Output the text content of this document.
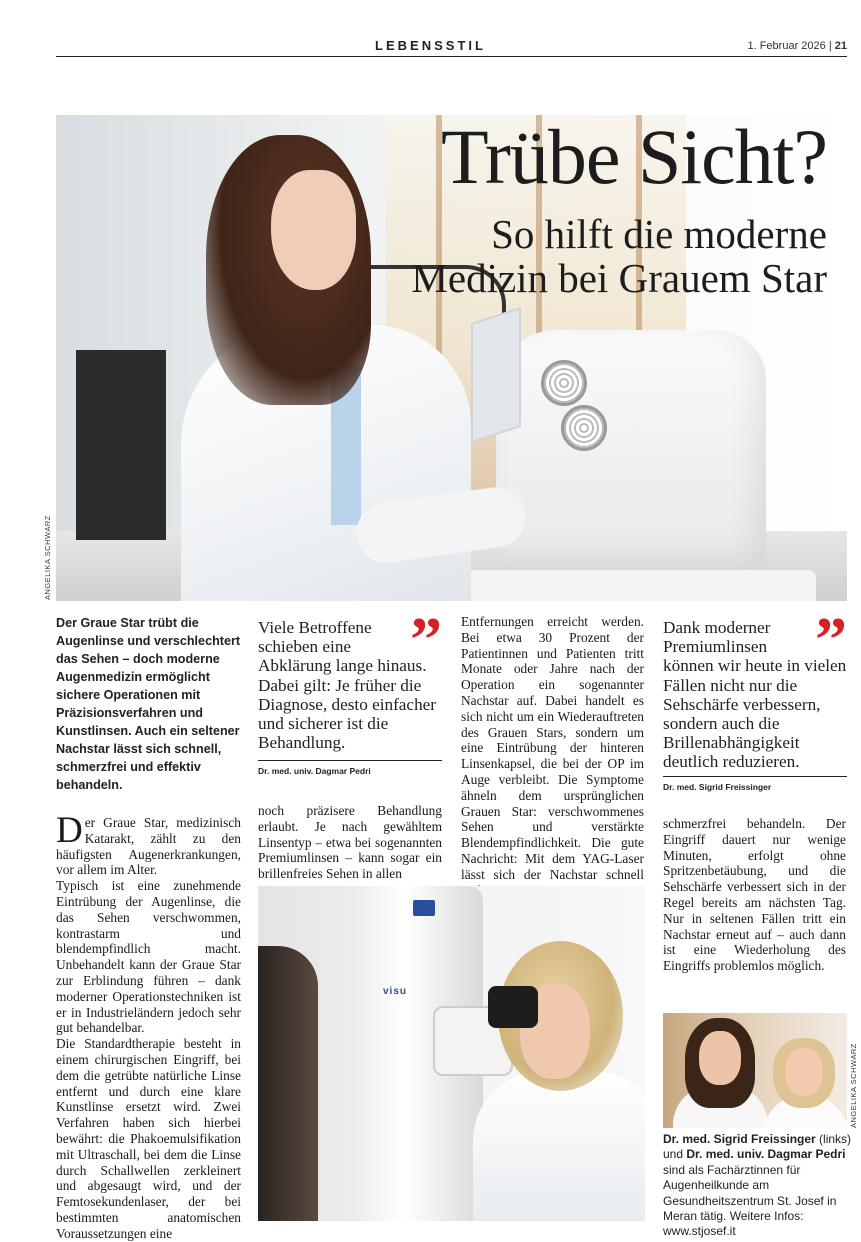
LEBENSSTIL	1. Februar 2026 | 21
ANGELIKA SCHWARZ
Trübe Sicht?
So hilft die moderne
Medizin bei Grauem Star
Der Graue Star trübt die Augenlinse und verschlechtert das Sehen – doch moderne Augenmedizin ermöglicht sichere Operationen mit Präzisionsverfahren und Kunstlinsen. Auch ein seltener Nachstar lässt sich schnell, schmerzfrei und effektiv behandeln.

Der Graue Star, medizinisch Katarakt, zählt zu den häufigsten Augenerkrankungen, vor allem im Alter.

Typisch ist eine zunehmende Eintrübung der Augenlinse, die das Sehen verschwommen, kontrastarm und blendempfindlich macht. Unbehandelt kann der Graue Star zur Erblindung führen – dank moderner Operationstechniken ist er in Industrieländern jedoch sehr gut behandelbar.

Die Standardtherapie besteht in einem chirurgischen Eingriff, bei dem die getrübte natürliche Linse entfernt und durch eine klare Kunstlinse ersetzt wird. Zwei Verfahren haben sich hierbei bewährt: die Phakoemulsifikation mit Ultraschall, bei dem die Linse durch Schallwellen zerkleinert und abgesaugt wird, und der Femtosekundenlaser, der bei bestimmten anatomischen Voraussetzungen eine

”
Viele Betroffene schieben eine Abklärung lange hinaus. Dabei gilt: Je früher die Diagnose, desto einfacher und sicherer ist die Behandlung.
Dr. med. univ. Dagmar Pedri
noch präzisere Behandlung erlaubt. Je nach gewähltem Linsentyp – etwa bei sogenannten Premiumlinsen – kann sogar ein brillenfreies Sehen in allen
Entfernungen erreicht werden. Bei etwa 30 Prozent der Patientinnen und Patienten tritt Monate oder Jahre nach der Operation ein sogenannter Nachstar auf. Dabei handelt es sich nicht um ein Wiederauftreten des Grauen Stars, sondern um eine Eintrübung der hinteren Linsenkapsel, die bei der OP im Auge verbleibt. Die Symptome ähneln dem ursprünglichen Grauen Star: verschwommenes Sehen und verstärkte Blendempfindlichkeit. Die gute Nachricht: Mit dem YAG-Laser lässt sich der Nachstar schnell
”
Dank moderner Premiumlinsen können wir heute in vielen Fällen nicht nur die Sehschärfe verbessern, sondern auch die Brillenabhängigkeit deutlich reduzieren.
Dr. med. Sigrid Freissinger
schmerzfrei behandeln. Der Eingriff dauert nur wenige Minuten, erfolgt ohne Spritzenbetäubung, und die Sehschärfe verbessert sich in der Regel bereits am nächsten Tag. Nur in seltenen Fällen tritt ein Nachstar erneut auf – auch dann ist eine Wiederholung des Eingriffs problemlos möglich.
visu
ANGELIKA SCHWARZ
Dr. med. Sigrid Freissinger (links) und Dr. med. univ. Dagmar Pedri sind als Fachärztinnen für Augenheilkunde am Gesundheitszentrum St. Josef in Meran tätig. Weitere Infos: www.stjosef.it
